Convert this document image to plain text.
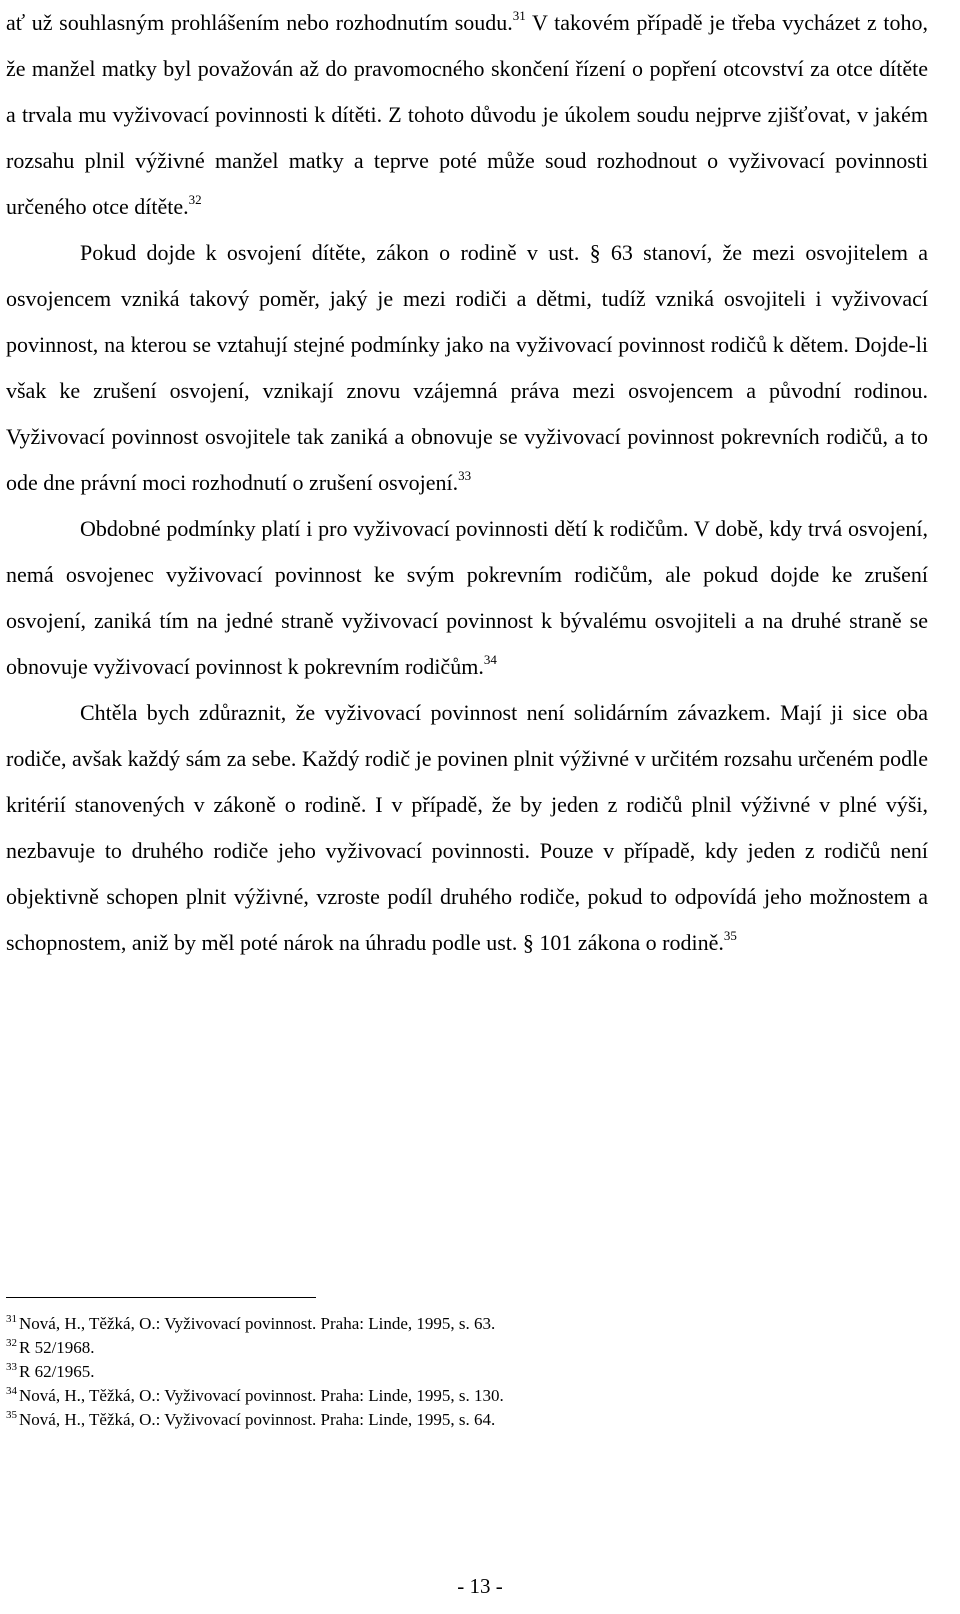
ať už souhlasným prohlášením nebo rozhodnutím soudu.$^{31}$ V takovém případě je třeba vycházet z toho, že manžel matky byl považován až do pravomocného skončení řízení o popření otcovství za otce dítěte a trvala mu vyživovací povinnosti k dítěti. Z tohoto důvodu je úkolem soudu nejprve zjišťovat, v jakém rozsahu plnil výživné manžel matky a teprve poté může soud rozhodnout o vyživovací povinnosti určeného otce dítěte.$^{32}$

Pokud dojde k osvojení dítěte, zákon o rodině v ust. § 63 stanoví, že mezi osvojitelem a osvojencem vzniká takový poměr, jaký je mezi rodiči a dětmi, tudíž vzniká osvojiteli i vyživovací povinnost, na kterou se vztahují stejné podmínky jako na vyživovací povinnost rodičů k dětem. Dojde-li však ke zrušení osvojení, vznikají znovu vzájemná práva mezi osvojencem a původní rodinou. Vyživovací povinnost osvojitele tak zaniká a obnovuje se vyživovací povinnost pokrevních rodičů, a to ode dne právní moci rozhodnutí o zrušení osvojení.$^{33}$

Obdobné podmínky platí i pro vyživovací povinnosti dětí k rodičům. V době, kdy trvá osvojení, nemá osvojenec vyživovací povinnost ke svým pokrevním rodičům, ale pokud dojde ke zrušení osvojení, zaniká tím na jedné straně vyživovací povinnost k bývalému osvojiteli a na druhé straně se obnovuje vyživovací povinnost k pokrevním rodičům.$^{34}$

Chtěla bych zdůraznit, že vyživovací povinnost není solidárním závazkem. Mají ji sice oba rodiče, avšak každý sám za sebe. Každý rodič je povinen plnit výživné v určitém rozsahu určeném podle kritérií stanovených v zákoně o rodině. I v případě, že by jeden z rodičů plnil výživné v plné výši, nezbavuje to druhého rodiče jeho vyživovací povinnosti. Pouze v případě, kdy jeden z rodičů není objektivně schopen plnit výživné, vzroste podíl druhého rodiče, pokud to odpovídá jeho možnostem a schopnostem, aniž by měl poté nárok na úhradu podle ust. § 101 zákona o rodině.$^{35}$

$^{31}$ Nová, H., Těžká, O.: Vyživovací povinnost. Praha: Linde, 1995, s. 63.
$^{32}$ R 52/1968.
$^{33}$ R 62/1965.
$^{34}$ Nová, H., Těžká, O.: Vyživovací povinnost. Praha: Linde, 1995, s. 130.
$^{35}$ Nová, H., Těžká, O.: Vyživovací povinnost. Praha: Linde, 1995, s. 64.
- 13 -
